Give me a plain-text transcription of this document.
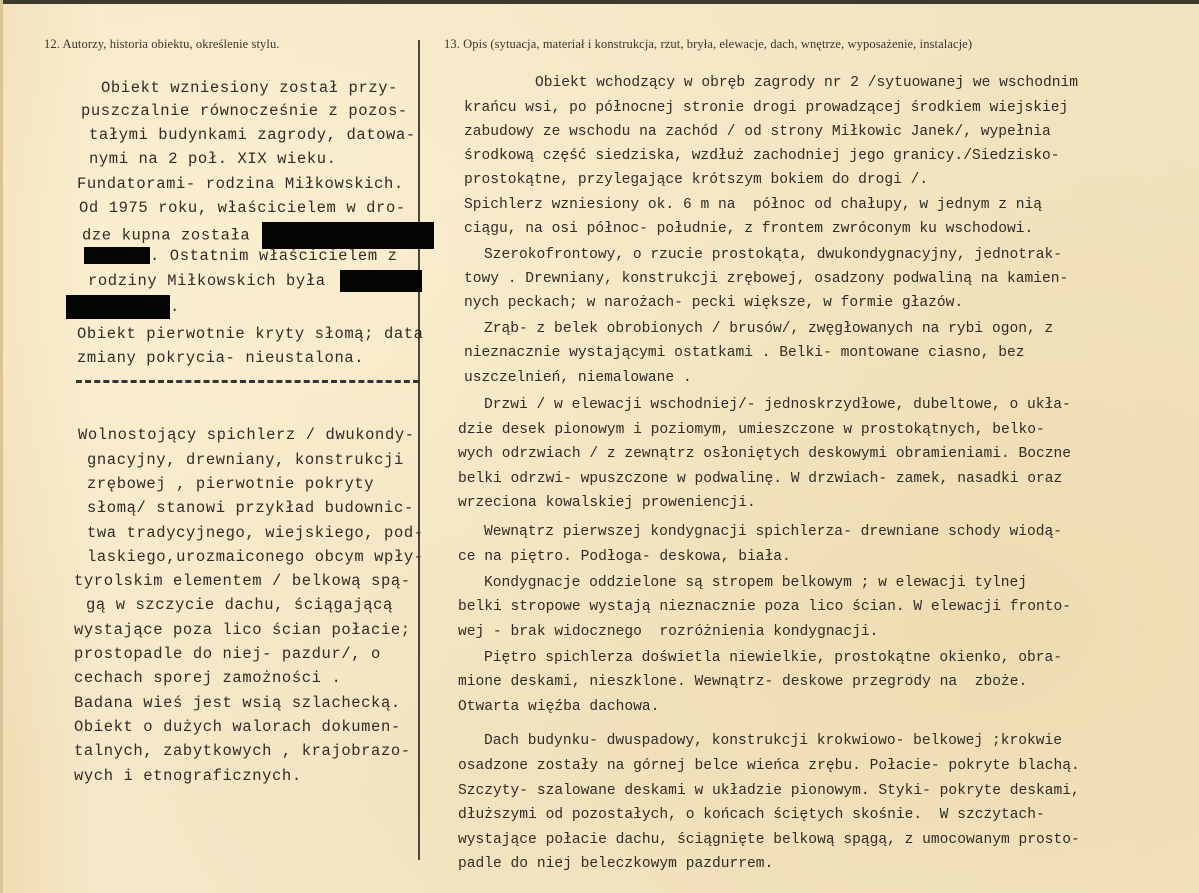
12. Autorzy, historia obiektu, określenie stylu.	13. Opis (sytuacja, materiał i konstrukcja, rzut, bryła, elewacje, dach, wnętrze, wyposażenie, instalacje)
Obiekt wzniesiony został przy-
puszczalnie równocześnie z pozos-
tałymi budynkami zagrody, datowa-
nymi na 2 poł. XIX wieku.
Fundatorami- rodzina Miłkowskich.
Od 1975 roku, właścicielem w dro-
dze kupna została
. Ostatnim właścicielem z
rodziny Miłkowskich była
.
Obiekt pierwotnie kryty słomą; data
zmiany pokrycia- nieustalona.
Wolnostojący spichlerz / dwukondy-
gnacyjny, drewniany, konstrukcji
zrębowej , pierwotnie pokryty
słomą/ stanowi przykład budownic-
twa tradycyjnego, wiejskiego, pod-
laskiego,urozmaiconego obcym wpły-
tyrolskim elementem / belkową spą-
gą w szczycie dachu, ściągającą
wystające poza lico ścian połacie;
prostopadle do niej- pazdur/, o
cechach sporej zamożności .
Badana wieś jest wsią szlachecką.
Obiekt o dużych walorach dokumen-
talnych, zabytkowych , krajobrazo-
wych i etnograficznych.
Obiekt wchodzący w obręb zagrody nr 2 /sytuowanej we wschodnim
krańcu wsi, po północnej stronie drogi prowadzącej środkiem wiejskiej
zabudowy ze wschodu na zachód / od strony Miłkowic Janek/, wypełnia
środkową część siedziska, wzdłuż zachodniej jego granicy./Siedzisko-
prostokątne, przylegające krótszym bokiem do drogi /.
Spichlerz wzniesiony ok. 6 m na  północ od chałupy, w jednym z nią
ciągu, na osi północ- południe, z frontem zwróconym ku wschodowi.
Szerokofrontowy, o rzucie prostokąta, dwukondygnacyjny, jednotrak-
towy . Drewniany, konstrukcji zrębowej, osadzony podwaliną na kamien-
nych peckach; w narożach- pecki większe, w formie głazów.
Zrąb- z belek obrobionych / brusów/, zwęgłowanych na rybi ogon, z
nieznacznie wystającymi ostatkami . Belki- montowane ciasno, bez
uszczelnień, niemalowane .
Drzwi / w elewacji wschodniej/- jednoskrzydłowe, dubeltowe, o ukła-
dzie desek pionowym i poziomym, umieszczone w prostokątnych, belko-
wych odrzwiach / z zewnątrz osłoniętych deskowymi obramieniami. Boczne
belki odrzwi- wpuszczone w podwalinę. W drzwiach- zamek, nasadki oraz
wrzeciona kowalskiej proweniencji.
Wewnątrz pierwszej kondygnacji spichlerza- drewniane schody wiodą-
ce na piętro. Podłoga- deskowa, biała.
Kondygnacje oddzielone są stropem belkowym ; w elewacji tylnej
belki stropowe wystają nieznacznie poza lico ścian. W elewacji fronto-
wej - brak widocznego  rozróżnienia kondygnacji.
Piętro spichlerza doświetla niewielkie, prostokątne okienko, obra-
mione deskami, nieszklone. Wewnątrz- deskowe przegrody na  zboże.
Otwarta więźba dachowa.
Dach budynku- dwuspadowy, konstrukcji krokwiowo- belkowej ;krokwie
osadzone zostały na górnej belce wieńca zrębu. Połacie- pokryte blachą.
Szczyty- szalowane deskami w układzie pionowym. Styki- pokryte deskami,
dłuższymi od pozostałych, o końcach ściętych skośnie.  W szczytach-
wystające połacie dachu, ściągnięte belkową spągą, z umocowanym prosto-
padle do niej beleczkowym pazdurrem.
